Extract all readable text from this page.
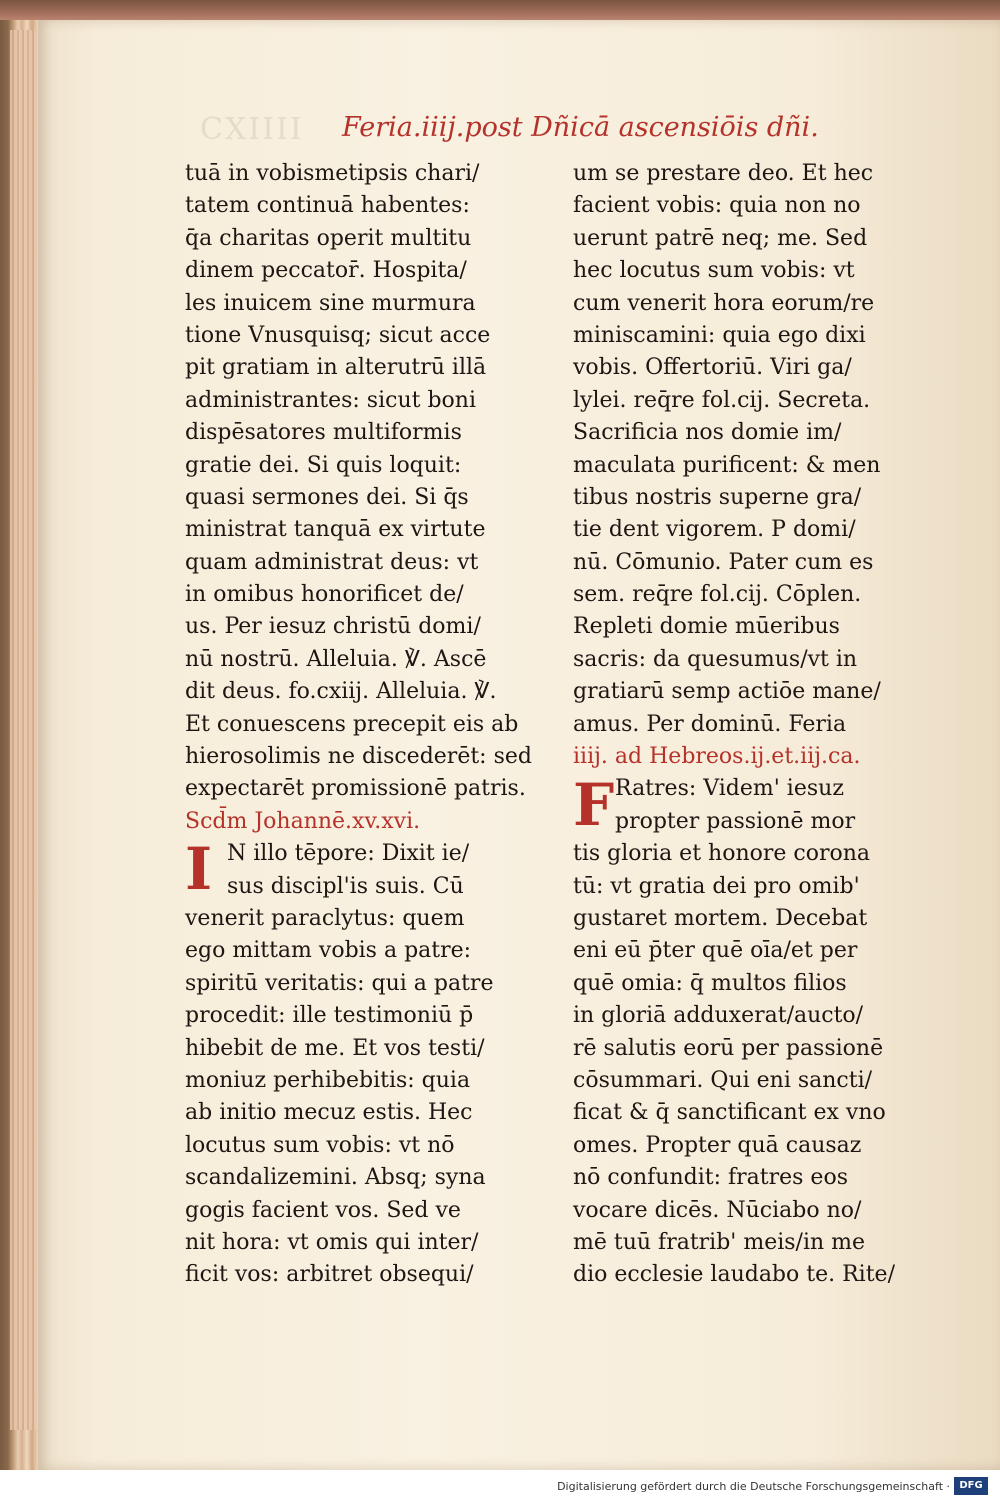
CXIIII	Feria.iiij.post Dñicā ascensiōis dñi.
tuā in vobismetipsis chari/
tatem continuā habentes:
q̄a charitas operit multitu
dinem peccator̄. Hospita/
les inuicem sine murmura
tione Vnusquisq; sicut acce
pit gratiam in alterutrū illā
administrantes: sicut boni
dispēsatores multiformis
gratie dei. Si quis loquit:
quasi sermones dei. Si q̄s
ministrat tanquā ex virtute
quam administrat deus: vt
in omibus honorificet de/
us. Per iesuz christū domi/
nū nostrū. Alleluia. ℣. Ascē
dit deus. fo.cxiij. Alleluia. ℣.
Et conuescens precepit eis ab
hierosolimis ne discederēt: sed
expectarēt promissionē patris.
Scd̄m Johannē.xv.xvi.
I N illo tēpore: Dixit ie/
sus discipl'is suis. Cū
venerit paraclytus: quem
ego mittam vobis a patre:
spiritū veritatis: qui a patre
procedit: ille testimoniū p̄
hibebit de me. Et vos testi/
moniuz perhibebitis: quia
ab initio mecuz estis. Hec
locutus sum vobis: vt nō
scandalizemini. Absq; syna
gogis facient vos. Sed ve
nit hora: vt omis qui inter/
ficit vos: arbitret obsequi/
um se prestare deo. Et hec
facient vobis: quia non no
uerunt patrē neq; me. Sed
hec locutus sum vobis: vt
cum venerit hora eorum/re
miniscamini: quia ego dixi
vobis. Offertoriū. Viri ga/
lylei. req̄re fol.cij. Secreta.
Sacrificia nos domie im/
maculata purificent: & men
tibus nostris superne gra/
tie dent vigorem. P domi/
nū. Cōmunio. Pater cum es
sem. req̄re fol.cij. Cōplen.
Repleti domie mūeribus
sacris: da quesumus/vt in
gratiarū semp actiōe mane/
amus. Per dominū. Feria
iiij. ad Hebreos.ij.et.iij.ca.
F Ratres: Videm' iesuz
propter passionē mor
tis gloria et honore corona
tū: vt gratia dei pro omib'
gustaret mortem. Decebat
eni eū p̄ter quē oīa/et per
quē omia: q̄ multos filios
in gloriā adduxerat/aucto/
rē salutis eorū per passionē
cōsummari. Qui eni sancti/
ficat & q̄ sanctificant ex vno
omes. Propter quā causaz
nō confundit: fratres eos
vocare dicēs. Nūciabo no/
mē tuū fratrib' meis/in me
dio ecclesie laudabo te. Rite/
Digitalisierung gefördert durch die Deutsche Forschungsgemeinschaft · DFG
